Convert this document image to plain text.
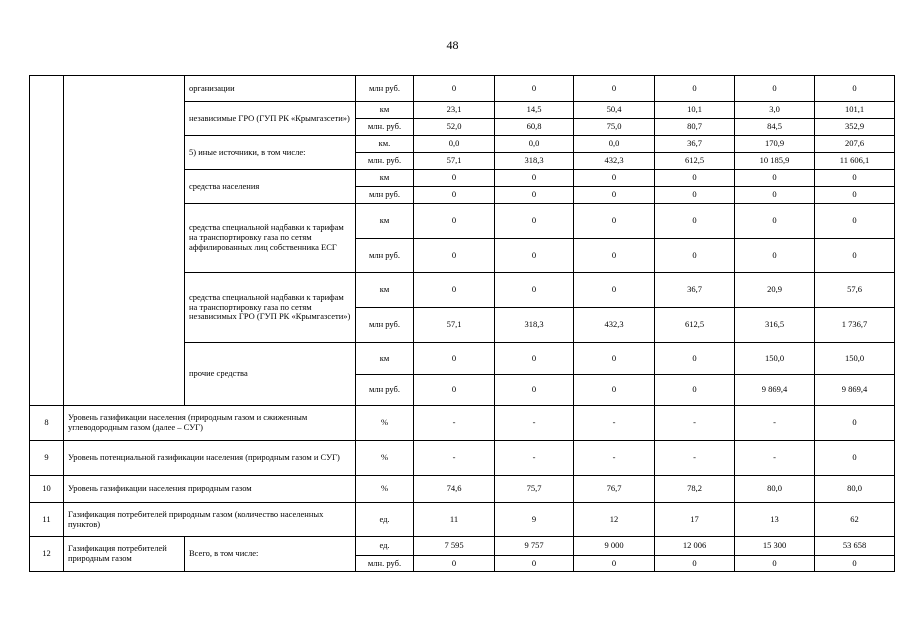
48
		организации	млн руб.	0	0	0	0	0	0
		независимые ГРО (ГУП РК «Крымгазсети»)	км	23,1	14,5	50,4	10,1	3,0	101,1
			млн. руб.	52,0	60,8	75,0	80,7	84,5	352,9
		5) иные источники, в том числе:	км.	0,0	0,0	0,0	36,7	170,9	207,6
			млн. руб.	57,1	318,3	432,3	612,5	10 185,9	11 606,1
		средства населения	км	0	0	0	0	0	0
			млн руб.	0	0	0	0	0	0
		средства специальной надбавки к тарифам на транспортировку газа по сетям аффилированных лиц собственника ЕСГ	км	0	0	0	0	0	0
			млн руб.	0	0	0	0	0	0
		средства специальной надбавки к тарифам на транспортировку газа по сетям независимых ГРО (ГУП РК «Крымгазсети»)	км	0	0	0	36,7	20,9	57,6
			млн руб.	57,1	318,3	432,3	612,5	316,5	1 736,7
		прочие средства	км	0	0	0	0	150,0	150,0
			млн руб.	0	0	0	0	9 869,4	9 869,4

8	Уровень газификации населения (природным газом и сжиженным углеводородным газом (далее – СУГ)		%	-	-	-	-	-	0
9	Уровень потенциальной газификации населения (природным газом и СУГ)		%	-	-	-	-	-	0
10	Уровень газификации населения природным газом		%	74,6	75,7	76,7	78,2	80,0	80,0
11	Газификация потребителей природным газом (количество населенных пунктов)		ед.	11	9	12	17	13	62
12	Газификация потребителей природным газом	Всего, в том числе:	ед.	7 595	9 757	9 000	12 006	15 300	53 658
			млн. руб.	0	0	0	0	0	0
